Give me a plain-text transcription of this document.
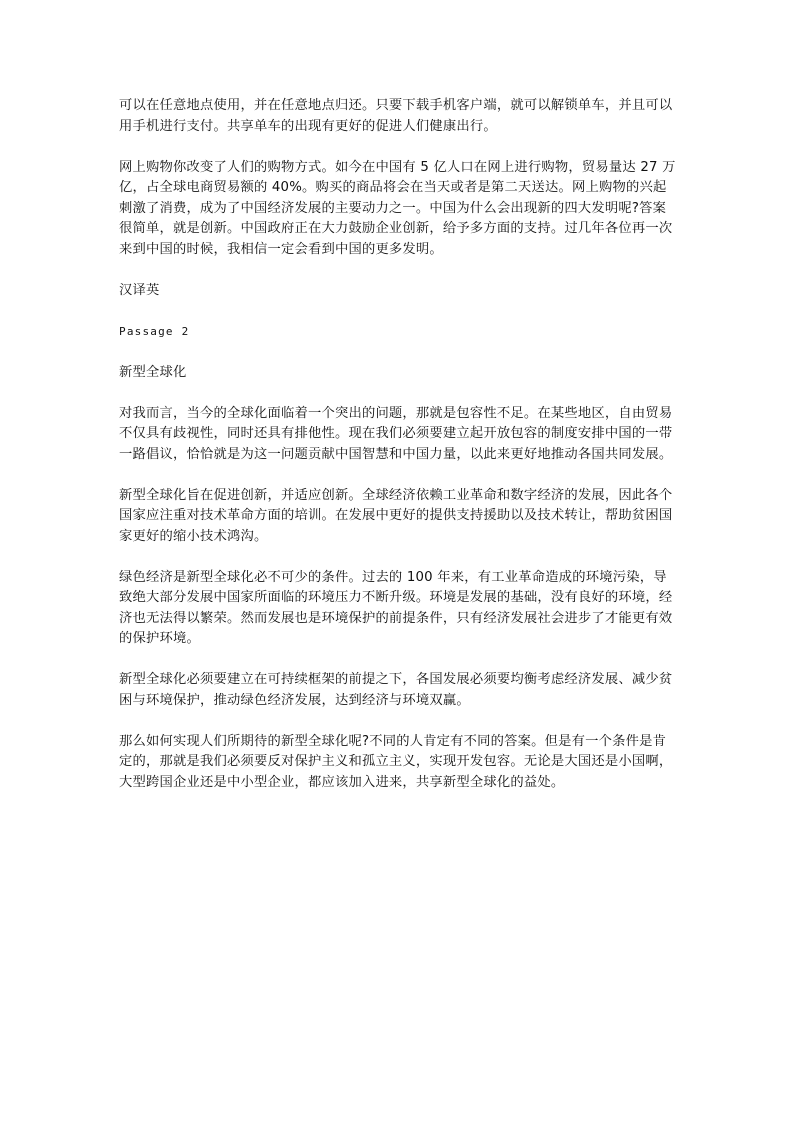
可以在任意地点使用，并在任意地点归还。只要下载手机客户端，就可以解锁单车，并且可以用手机进行支付。共享单车的出现有更好的促进人们健康出行。

网上购物你改变了人们的购物方式。如今在中国有 5 亿人口在网上进行购物，贸易量达 27 万亿，占全球电商贸易额的 40%。购买的商品将会在当天或者是第二天送达。网上购物的兴起刺激了消费，成为了中国经济发展的主要动力之一。中国为什么会出现新的四大发明呢?答案很简单，就是创新。中国政府正在大力鼓励企业创新，给予多方面的支持。过几年各位再一次来到中国的时候，我相信一定会看到中国的更多发明。

汉译英

Passage 2

新型全球化

对我而言，当今的全球化面临着一个突出的问题，那就是包容性不足。在某些地区，自由贸易不仅具有歧视性，同时还具有排他性。现在我们必须要建立起开放包容的制度安排中国的一带一路倡议，恰恰就是为这一问题贡献中国智慧和中国力量，以此来更好地推动各国共同发展。

新型全球化旨在促进创新，并适应创新。全球经济依赖工业革命和数字经济的发展，因此各个国家应注重对技术革命方面的培训。在发展中更好的提供支持援助以及技术转让，帮助贫困国家更好的缩小技术鸿沟。

绿色经济是新型全球化必不可少的条件。过去的 100 年来，有工业革命造成的环境污染，导致绝大部分发展中国家所面临的环境压力不断升级。环境是发展的基础，没有良好的环境，经济也无法得以繁荣。然而发展也是环境保护的前提条件，只有经济发展社会进步了才能更有效的保护环境。

新型全球化必须要建立在可持续框架的前提之下，各国发展必须要均衡考虑经济发展、减少贫困与环境保护，推动绿色经济发展，达到经济与环境双赢。

那么如何实现人们所期待的新型全球化呢?不同的人肯定有不同的答案。但是有一个条件是肯定的，那就是我们必须要反对保护主义和孤立主义，实现开发包容。无论是大国还是小国啊，大型跨国企业还是中小型企业，都应该加入进来，共享新型全球化的益处。
